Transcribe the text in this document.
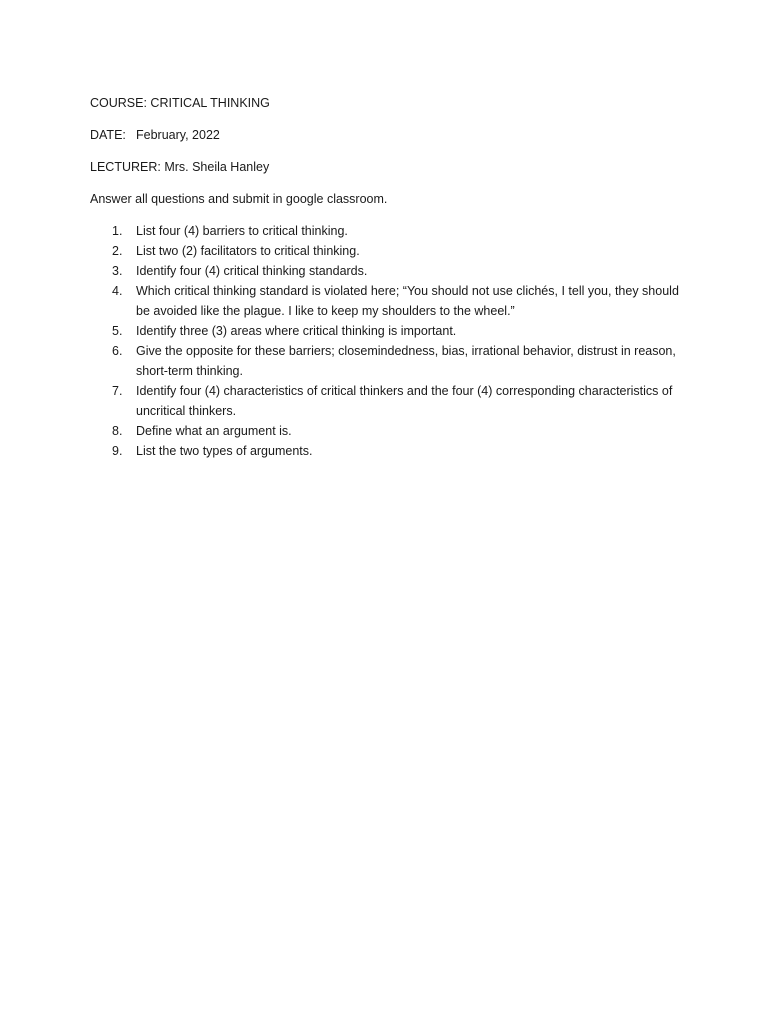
COURSE: CRITICAL THINKING
DATE: February, 2022
LECTURER: Mrs. Sheila Hanley
Answer all questions and submit in google classroom.
1.	List four (4) barriers to critical thinking.
2.	List two (2) facilitators to critical thinking.
3.	Identify four (4) critical thinking standards.
4.	Which critical thinking standard is violated here; “You should not use clichés, I tell you, they should be avoided like the plague. I like to keep my shoulders to the wheel.”
5.	Identify three (3) areas where critical thinking is important.
6.	Give the opposite for these barriers; closemindedness, bias, irrational behavior, distrust in reason, short-term thinking.
7.	Identify four (4) characteristics of critical thinkers and the four (4) corresponding characteristics of uncritical thinkers.
8.	Define what an argument is.
9.	List the two types of arguments.
